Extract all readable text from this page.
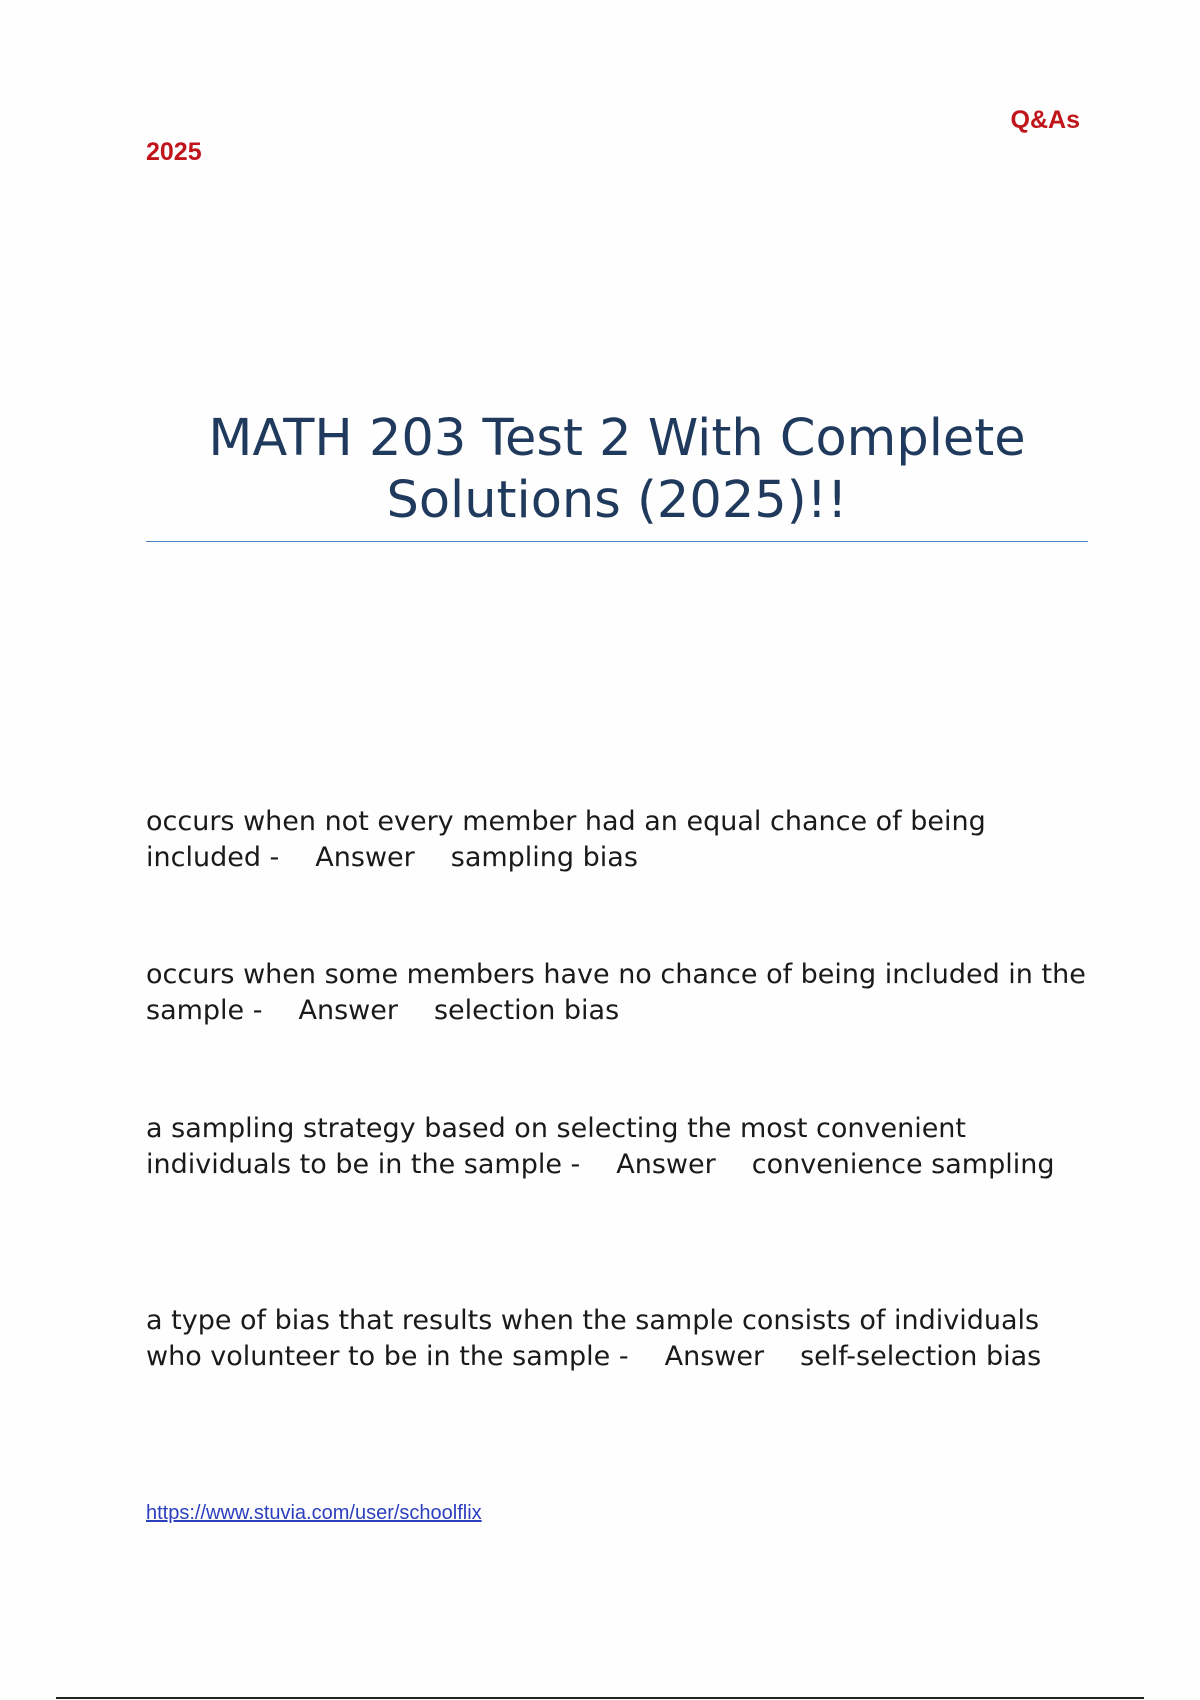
Q&As
2025
MATH 203 Test 2 With Complete Solutions (2025)!!
occurs when not every member had an equal chance of being included - Answer sampling bias
occurs when some members have no chance of being included in the sample - Answer selection bias
a sampling strategy based on selecting the most convenient individuals to be in the sample - Answer convenience sampling
a type of bias that results when the sample consists of individuals who volunteer to be in the sample - Answer self-selection bias
https://www.stuvia.com/user/schoolflix
